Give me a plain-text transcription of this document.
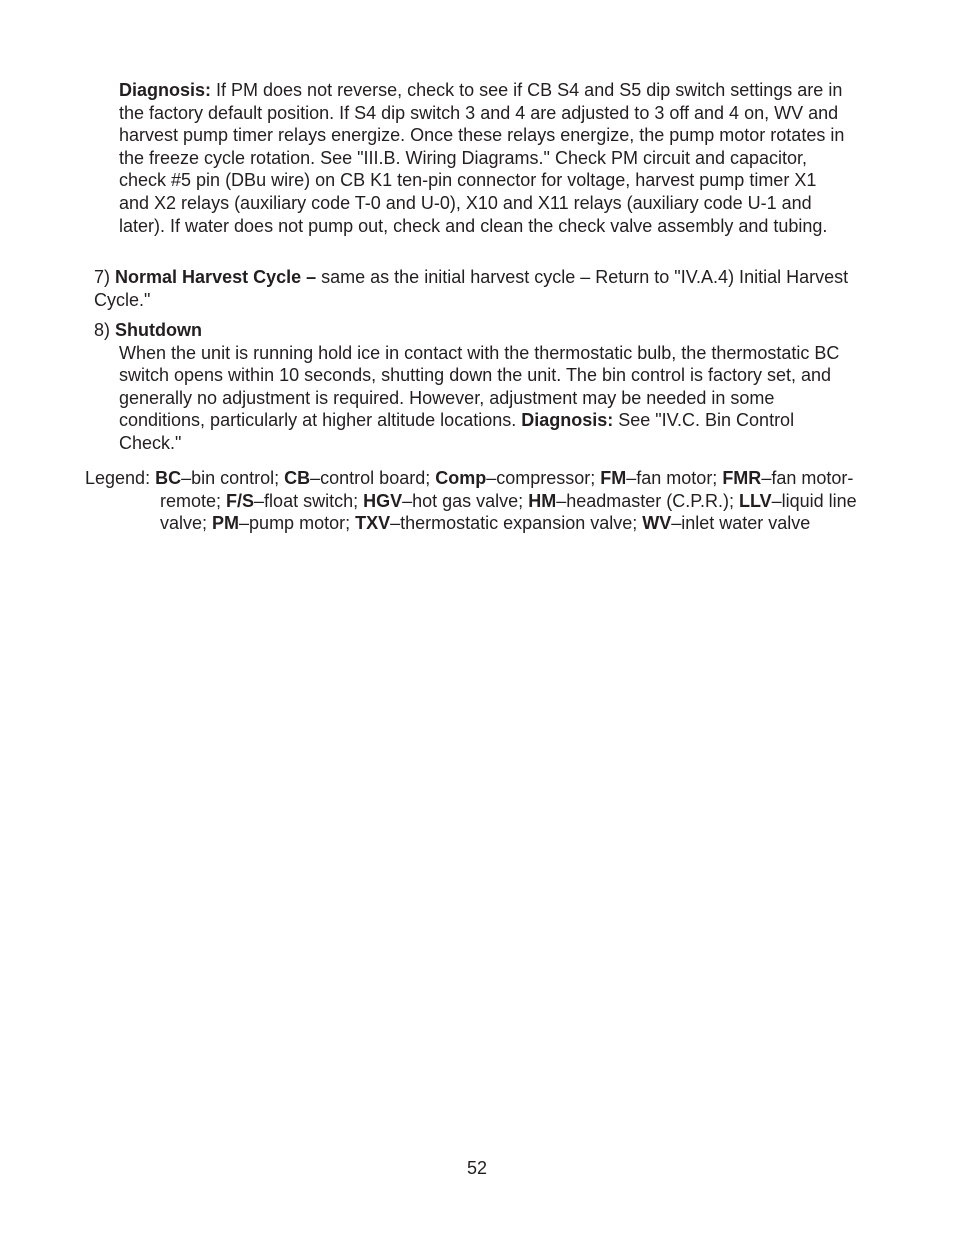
Diagnosis: If PM does not reverse, check to see if CB S4 and S5 dip switch settings are in the factory default position. If S4 dip switch 3 and 4 are adjusted to 3 off and 4 on, WV and harvest pump timer relays energize. Once these relays energize, the pump motor rotates in the freeze cycle rotation. See "III.B. Wiring Diagrams." Check PM circuit and capacitor, check #5 pin (DBu wire) on CB K1 ten-pin connector for voltage, harvest pump timer X1 and X2 relays (auxiliary code T-0 and U-0), X10 and X11 relays (auxiliary code U-1 and later). If water does not pump out, check and clean the check valve assembly and tubing.

7) Normal Harvest Cycle – same as the initial harvest cycle – Return to "IV.A.4) Initial Harvest Cycle."
8) Shutdown
When the unit is running hold ice in contact with the thermostatic bulb, the thermostatic BC switch opens within 10 seconds, shutting down the unit. The bin control is factory set, and generally no adjustment is required. However, adjustment may be needed in some conditions, particularly at higher altitude locations. Diagnosis: See "IV.C. Bin Control Check."

Legend: BC–bin control; CB–control board; Comp–compressor; FM–fan motor; FMR–fan motor-remote; F/S–float switch; HGV–hot gas valve; HM–headmaster (C.P.R.); LLV–liquid line valve; PM–pump motor; TXV–thermostatic expansion valve; WV–inlet water valve

52
